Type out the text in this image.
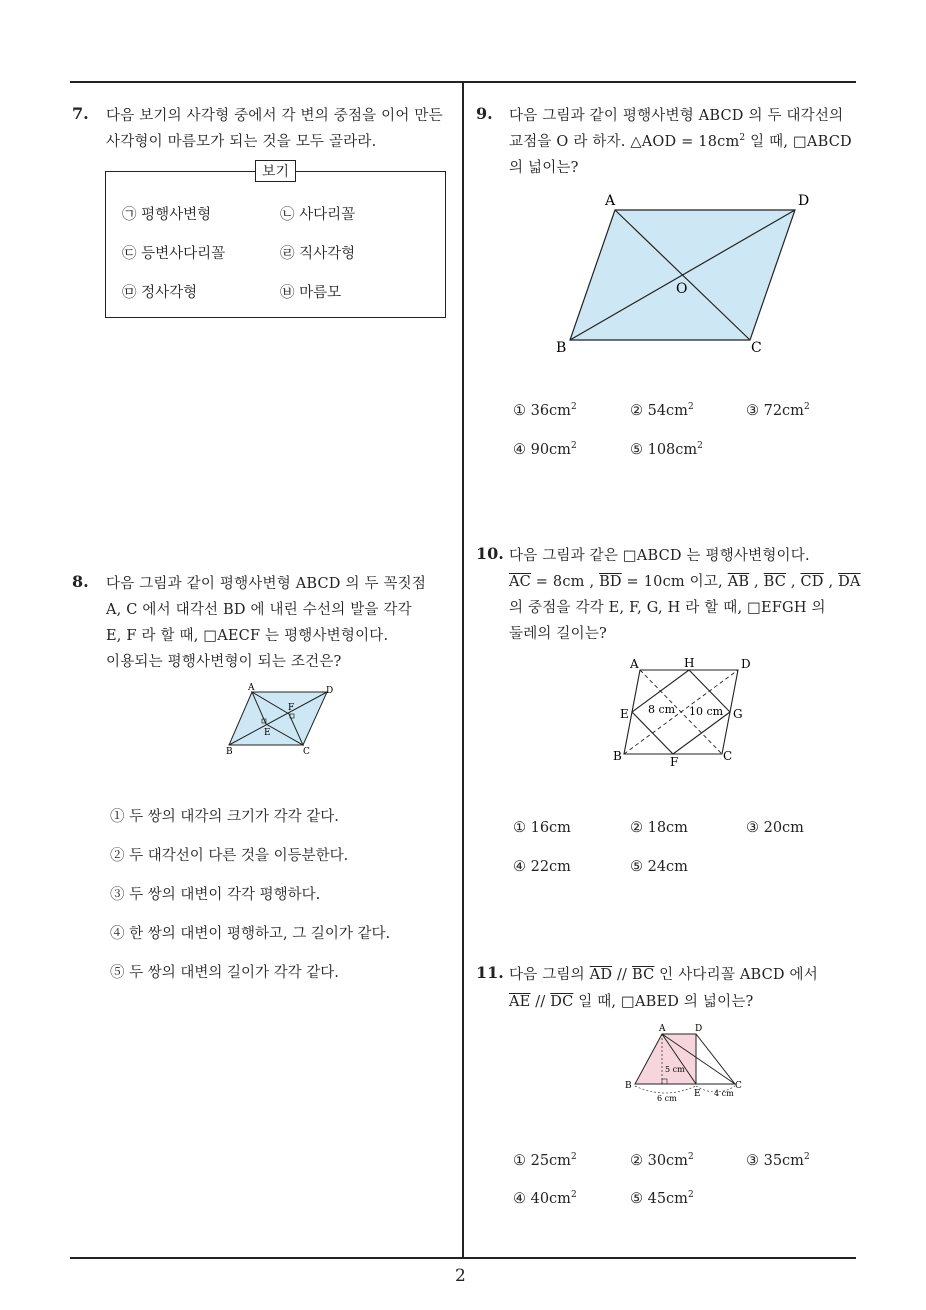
2
7. 다음 보기의 사각형 중에서 각 변의 중점을 이어 만든
사각형이 마름모가 되는 것을 모두 골라라.
보기
㉠ 평행사변형	㉡ 사다리꼴
㉢ 등변사다리꼴	㉣ 직사각형
㉤ 정사각형	㉥ 마름모
8. 다음 그림과 같이 평행사변형 ABCD 의 두 꼭짓점
A, C 에서 대각선 BD 에 내린 수선의 발을 각각
E, F 라 할 때, □AECF 는 평행사변형이다.
이용되는 평행사변형이 되는 조건은?
A	D
B	C
E
F
① 두 쌍의 대각의 크기가 각각 같다.
② 두 대각선이 다른 것을 이등분한다.
③ 두 쌍의 대변이 각각 평행하다.
④ 한 쌍의 대변이 평행하고, 그 길이가 같다.
⑤ 두 쌍의 대변의 길이가 각각 같다.
9. 다음 그림과 같이 평행사변형 ABCD 의 두 대각선의
교점을 O 라 하자. △AOD = $18cm^2$ 일 때, □ABCD
의 넓이는?
A	D
B	C
O
① $36cm^2$	② $54cm^2$	③ $72cm^2$
④ $90cm^2$	⑤ $108cm^2$
10. 다음 그림과 같은 □ABCD 는 평행사변형이다.
$\overline{AC} = 8cm$ , $\overline{BD} = 10cm$ 이고, $\overline{AB}$ , $\overline{BC}$ , $\overline{CD}$ , $\overline{DA}$
의 중점을 각각 E, F, G, H 라 할 때, □EFGH 의
둘레의 길이는?
A	H	D
E	G
B	F	C
8 cm 10 cm
① 16cm	② 18cm	③ 20cm
④ 22cm	⑤ 24cm
11. 다음 그림의 $\overline{AD} // \overline{BC}$ 인 사다리꼴 ABCD 에서
$\overline{AE} // \overline{DC}$ 일 때, □ABED 의 넓이는?
A	D
B	C
E
5 cm
6 cm
4 cm
① $25cm^2$	② $30cm^2$	③ $35cm^2$
④ $40cm^2$	⑤ $45cm^2$
